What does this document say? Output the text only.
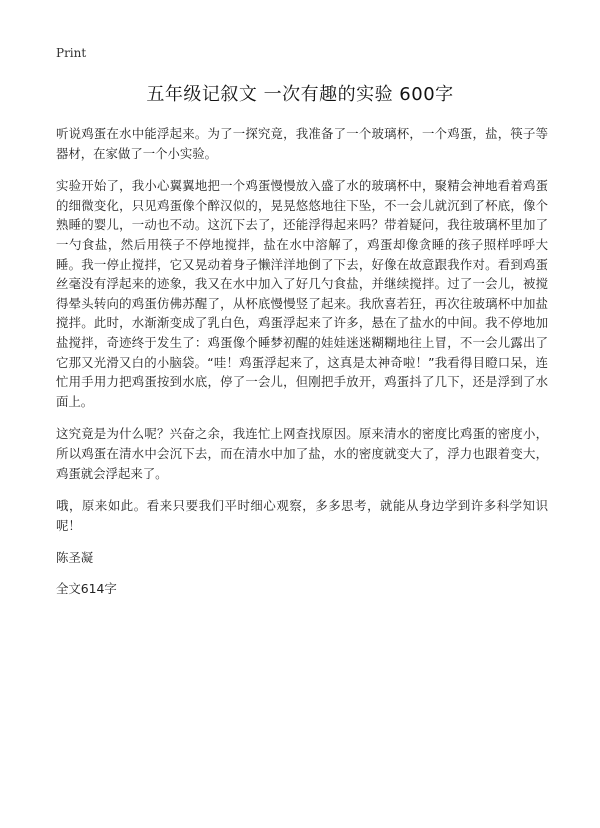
Print
五年级记叙文 一次有趣的实验 600字

听说鸡蛋在水中能浮起来。为了一探究竟，我准备了一个玻璃杯，一个鸡蛋，盐，筷子等器材，在家做了一个小实验。

实验开始了，我小心翼翼地把一个鸡蛋慢慢放入盛了水的玻璃杯中，聚精会神地看着鸡蛋的细微变化，只见鸡蛋像个醉汉似的，晃晃悠悠地往下坠，不一会儿就沉到了杯底，像个熟睡的婴儿，一动也不动。这沉下去了，还能浮得起来吗？带着疑问，我往玻璃杯里加了一勺食盐，然后用筷子不停地搅拌，盐在水中溶解了，鸡蛋却像贪睡的孩子照样呼呼大睡。我一停止搅拌，它又晃动着身子懒洋洋地倒了下去，好像在故意跟我作对。看到鸡蛋丝毫没有浮起来的迹象，我又在水中加入了好几勺食盐，并继续搅拌。过了一会儿，被搅得晕头转向的鸡蛋仿佛苏醒了，从杯底慢慢竖了起来。我欣喜若狂，再次往玻璃杯中加盐搅拌。此时，水渐渐变成了乳白色，鸡蛋浮起来了许多，悬在了盐水的中间。我不停地加盐搅拌，奇迹终于发生了：鸡蛋像个睡梦初醒的娃娃迷迷糊糊地往上冒，不一会儿露出了它那又光滑又白的小脑袋。“哇！鸡蛋浮起来了，这真是太神奇啦！”我看得目瞪口呆，连忙用手用力把鸡蛋按到水底，停了一会儿，但刚把手放开，鸡蛋抖了几下，还是浮到了水面上。

这究竟是为什么呢？兴奋之余，我连忙上网查找原因。原来清水的密度比鸡蛋的密度小，所以鸡蛋在清水中会沉下去，而在清水中加了盐，水的密度就变大了，浮力也跟着变大，鸡蛋就会浮起来了。

哦，原来如此。看来只要我们平时细心观察，多多思考，就能从身边学到许多科学知识呢！

陈圣凝

全文614字
